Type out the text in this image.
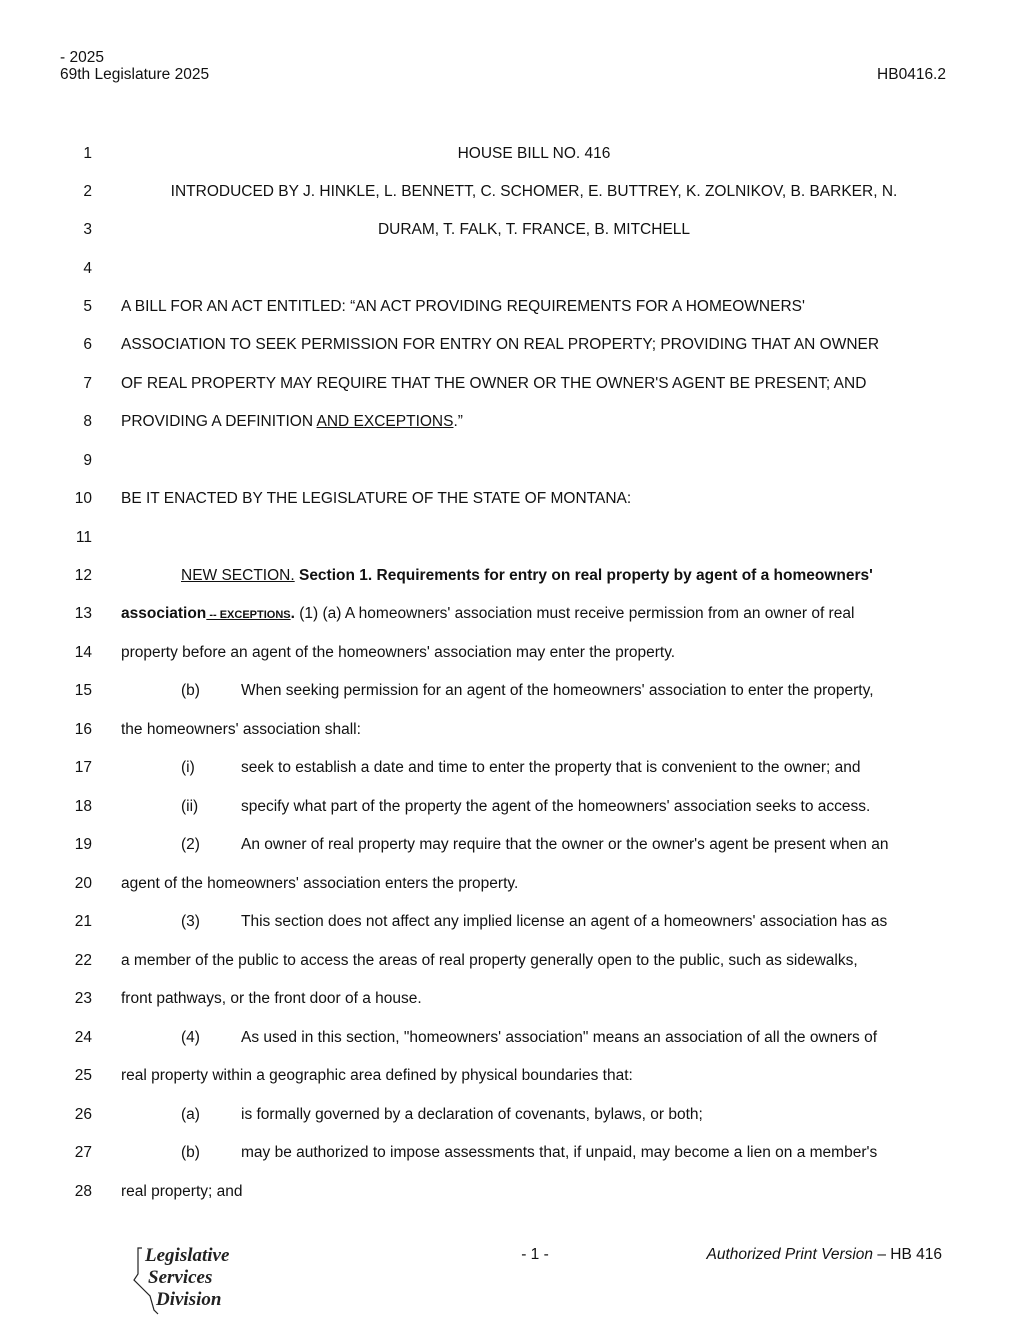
- 2025
69th Legislature 2025	HB0416.2
1	HOUSE BILL NO. 416
2	INTRODUCED BY J. HINKLE, L. BENNETT, C. SCHOMER, E. BUTTREY, K. ZOLNIKOV, B. BARKER, N.
3	DURAM, T. FALK, T. FRANCE, B. MITCHELL
4
5 A BILL FOR AN ACT ENTITLED: “AN ACT PROVIDING REQUIREMENTS FOR A HOMEOWNERS'
6 ASSOCIATION TO SEEK PERMISSION FOR ENTRY ON REAL PROPERTY; PROVIDING THAT AN OWNER
7 OF REAL PROPERTY MAY REQUIRE THAT THE OWNER OR THE OWNER'S AGENT BE PRESENT; AND
8 PROVIDING A DEFINITION AND EXCEPTIONS.”
9
10 BE IT ENACTED BY THE LEGISLATURE OF THE STATE OF MONTANA:
11
12	NEW SECTION. Section 1. Requirements for entry on real property by agent of a homeowners'
13 association -- EXCEPTIONS. (1) (a) A homeowners' association must receive permission from an owner of real
14 property before an agent of the homeowners' association may enter the property.
15	(b)	When seeking permission for an agent of the homeowners' association to enter the property,
16 the homeowners' association shall:
17	(i)	seek to establish a date and time to enter the property that is convenient to the owner; and
18	(ii)	specify what part of the property the agent of the homeowners' association seeks to access.
19	(2)	An owner of real property may require that the owner or the owner's agent be present when an
20 agent of the homeowners' association enters the property.
21	(3)	This section does not affect any implied license an agent of a homeowners' association has as
22 a member of the public to access the areas of real property generally open to the public, such as sidewalks,
23 front pathways, or the front door of a house.
24	(4)	As used in this section, "homeowners' association" means an association of all the owners of
25 real property within a geographic area defined by physical boundaries that:
26	(a)	is formally governed by a declaration of covenants, bylaws, or both;
27	(b)	may be authorized to impose assessments that, if unpaid, may become a lien on a member's
28 real property; and
Legislative
Services
Division
- 1 -	Authorized Print Version – HB 416
